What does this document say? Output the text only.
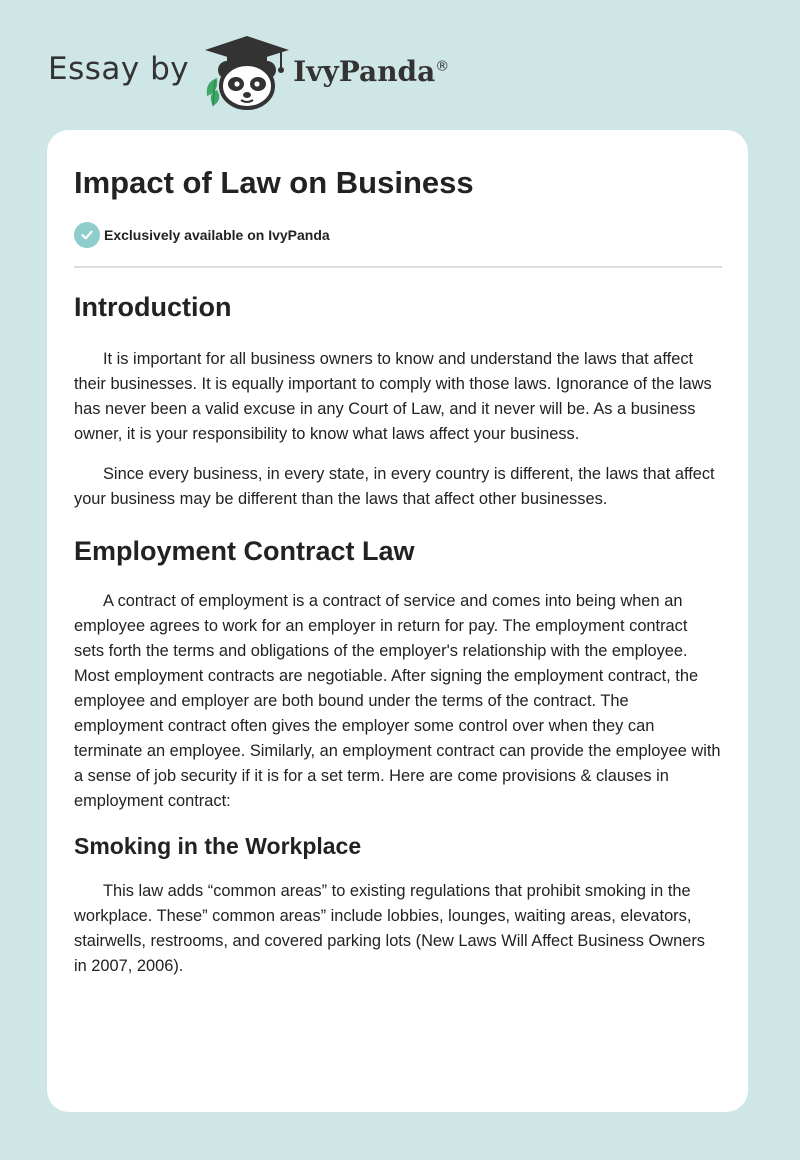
Essay by	IvyPanda®
Impact of Law on Business
Exclusively available on IvyPanda
Introduction

It is important for all business owners to know and understand the laws that affect their businesses. It is equally important to comply with those laws. Ignorance of the laws has never been a valid excuse in any Court of Law, and it never will be. As a business owner, it is your responsibility to know what laws affect your business.

Since every business, in every state, in every country is different, the laws that affect your business may be different than the laws that affect other businesses.

Employment Contract Law

A contract of employment is a contract of service and comes into being when an employee agrees to work for an employer in return for pay. The employment contract sets forth the terms and obligations of the employer's relationship with the employee. Most employment contracts are negotiable. After signing the employment contract, the employee and employer are both bound under the terms of the contract. The employment contract often gives the employer some control over when they can terminate an employee. Similarly, an employment contract can provide the employee with a sense of job security if it is for a set term. Here are come provisions & clauses in employment contract:

Smoking in the Workplace

This law adds “common areas” to existing regulations that prohibit smoking in the workplace. These” common areas” include lobbies, lounges, waiting areas, elevators, stairwells, restrooms, and covered parking lots (New Laws Will Affect Business Owners in 2007, 2006).
